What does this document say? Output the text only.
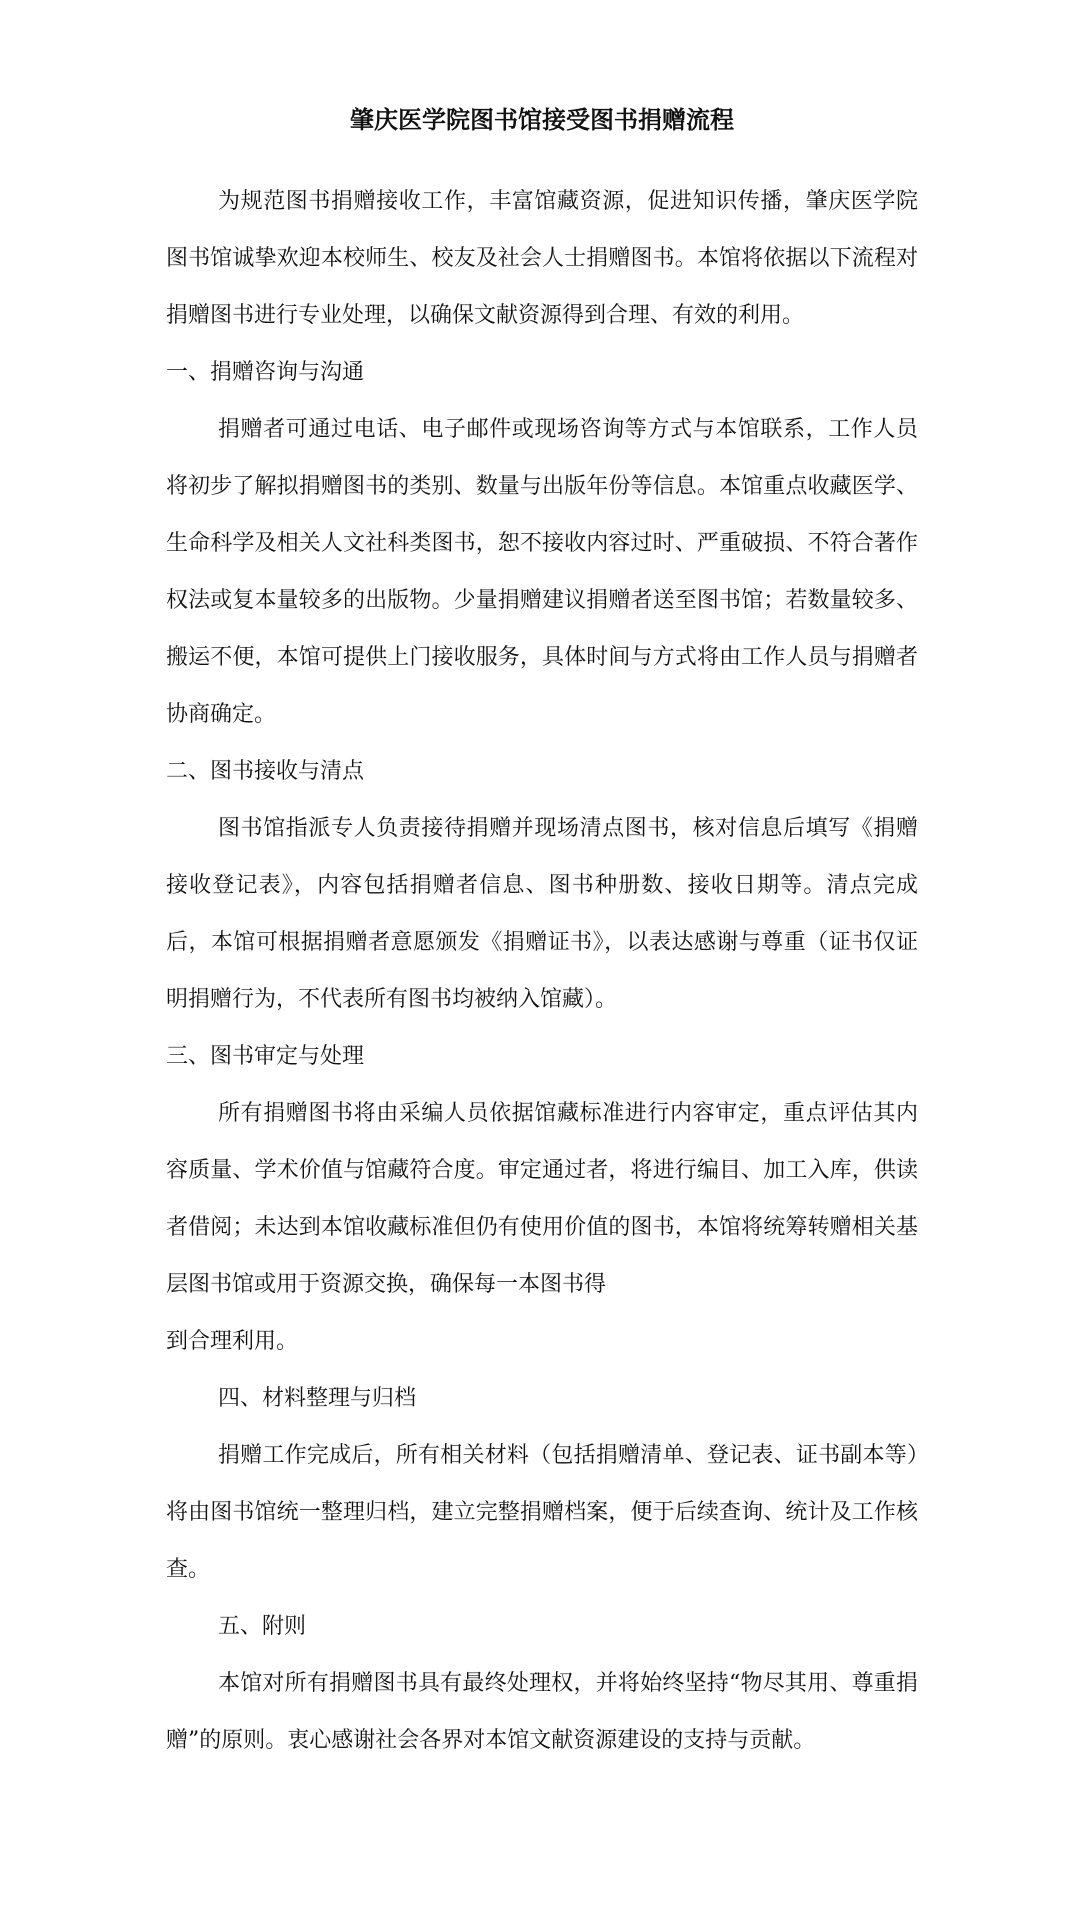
肇庆医学院图书馆接受图书捐赠流程

为规范图书捐赠接收工作，丰富馆藏资源，促进知识传播，肇庆医学院图书馆诚挚欢迎本校师生、校友及社会人士捐赠图书。本馆将依据以下流程对捐赠图书进行专业处理，以确保文献资源得到合理、有效的利用。

一、捐赠咨询与沟通

捐赠者可通过电话、电子邮件或现场咨询等方式与本馆联系，工作人员将初步了解拟捐赠图书的类别、数量与出版年份等信息。本馆重点收藏医学、生命科学及相关人文社科类图书，恕不接收内容过时、严重破损、不符合著作权法或复本量较多的出版物。少量捐赠建议捐赠者送至图书馆；若数量较多、搬运不便，本馆可提供上门接收服务，具体时间与方式将由工作人员与捐赠者协商确定。

二、图书接收与清点

图书馆指派专人负责接待捐赠并现场清点图书，核对信息后填写《捐赠接收登记表》，内容包括捐赠者信息、图书种册数、接收日期等。清点完成后，本馆可根据捐赠者意愿颁发《捐赠证书》，以表达感谢与尊重（证书仅证明捐赠行为，不代表所有图书均被纳入馆藏）。

三、图书审定与处理

所有捐赠图书将由采编人员依据馆藏标准进行内容审定，重点评估其内容质量、学术价值与馆藏符合度。审定通过者，将进行编目、加工入库，供读者借阅；未达到本馆收藏标准但仍有使用价值的图书，本馆将统筹转赠相关基层图书馆或用于资源交换，确保每一本图书得

到合理利用。

四、材料整理与归档

捐赠工作完成后，所有相关材料（包括捐赠清单、登记表、证书副本等）将由图书馆统一整理归档，建立完整捐赠档案，便于后续查询、统计及工作核查。

五、附则

本馆对所有捐赠图书具有最终处理权，并将始终坚持“物尽其用、尊重捐赠”的原则。衷心感谢社会各界对本馆文献资源建设的支持与贡献。
